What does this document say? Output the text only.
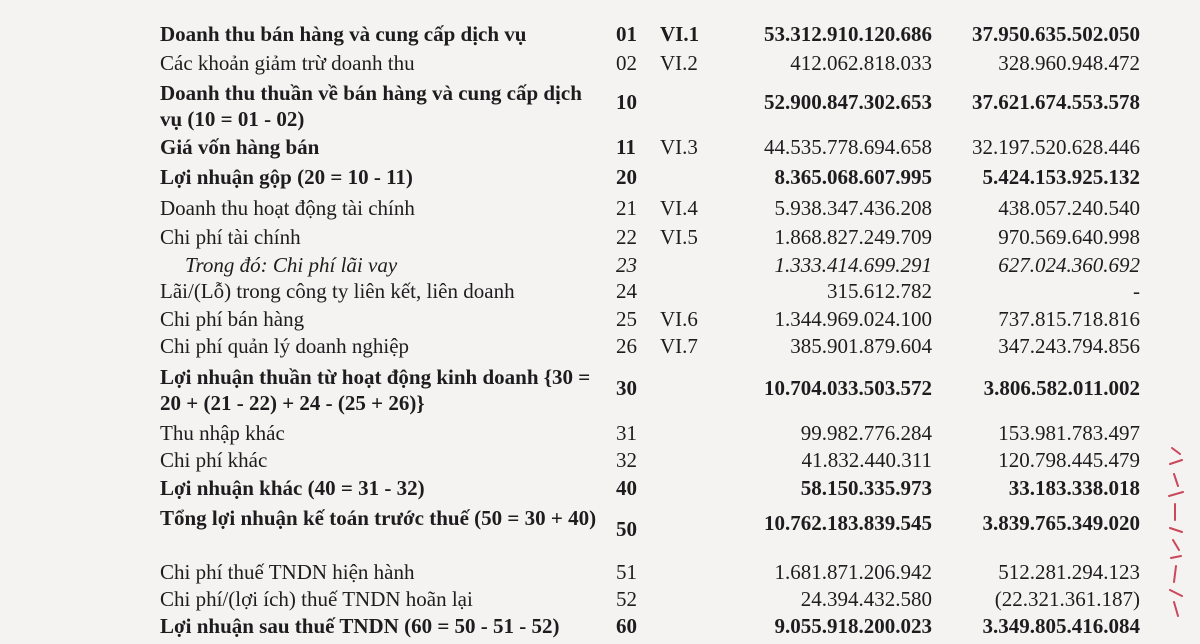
Doanh thu bán hàng và cung cấp dịch vụ	01 VI.1	53.312.910.120.686 37.950.635.502.050
Các khoản giảm trừ doanh thu	02 VI.2	412.062.818.033	328.960.948.472
Doanh thu thuần về bán hàng và cung cấp dịch vụ (10 = 01 - 02)
10	52.900.847.302.653 37.621.674.553.578
Giá vốn hàng bán	11 VI.3	44.535.778.694.658 32.197.520.628.446
Lợi nhuận gộp (20 = 10 - 11)	20	8.365.068.607.995 5.424.153.925.132
Doanh thu hoạt động tài chính	21 VI.4	5.938.347.436.208	438.057.240.540
Chi phí tài chính	22 VI.5	1.868.827.249.709	970.569.640.998
Trong đó: Chi phí lãi vay	23	1.333.414.699.291	627.024.360.692
Lãi/(Lỗ) trong công ty liên kết, liên doanh	24	315.612.782	-
Chi phí bán hàng	25 VI.6	1.344.969.024.100	737.815.718.816
Chi phí quản lý doanh nghiệp	26 VI.7	385.901.879.604	347.243.794.856
Lợi nhuận thuần từ hoạt động kinh doanh {30 = 20 + (21 - 22) + 24 - (25 + 26)}
30	10.704.033.503.572 3.806.582.011.002
Thu nhập khác	31	99.982.776.284	153.981.783.497
Chi phí khác	32	41.832.440.311	120.798.445.479
Lợi nhuận khác (40 = 31 - 32)	40	58.150.335.973	33.183.338.018
Tổng lợi nhuận kế toán trước thuế (50 = 30 + 40) 50	10.762.183.839.545 3.839.765.349.020
Chi phí thuế TNDN hiện hành	51	1.681.871.206.942	512.281.294.123
Chi phí/(lợi ích) thuế TNDN hoãn lại	52	24.394.432.580	(22.321.361.187)
Lợi nhuận sau thuế TNDN (60 = 50 - 51 - 52)	60	9.055.918.200.023 3.349.805.416.084
